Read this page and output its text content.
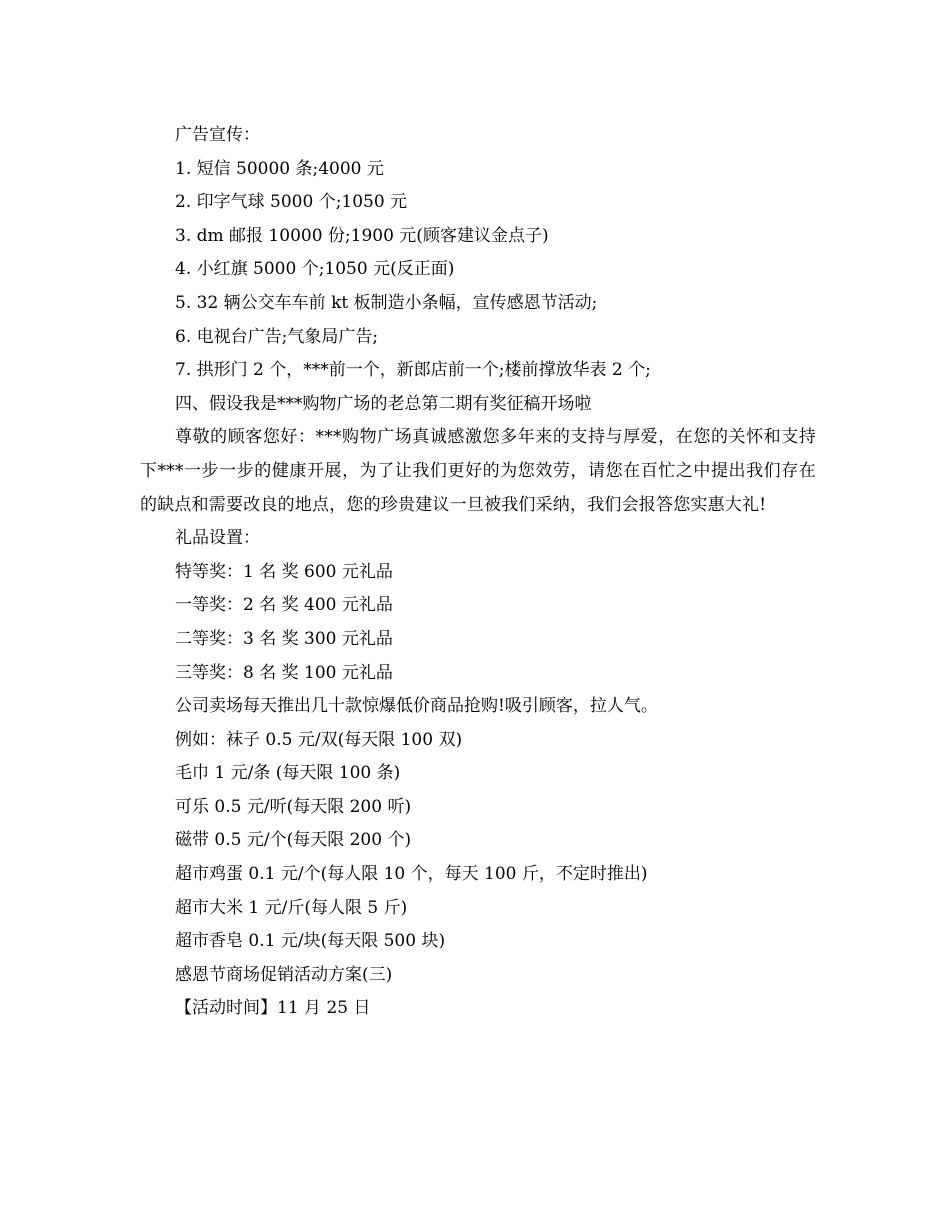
广告宣传：
1. 短信 50000 条;4000 元
2. 印字气球 5000 个;1050 元
3. dm 邮报 10000 份;1900 元(顾客建议金点子)
4. 小红旗 5000 个;1050 元(反正面)
5. 32 辆公交车车前 kt 板制造小条幅，宣传感恩节活动;
6. 电视台广告;气象局广告;
7. 拱形门 2 个，***前一个，新郎店前一个;楼前撑放华表 2 个;
四、假设我是***购物广场的老总第二期有奖征稿开场啦
尊敬的顾客您好：***购物广场真诚感激您多年来的支持与厚爱，在您的关怀和支持下***一步一步的健康开展，为了让我们更好的为您效劳，请您在百忙之中提出我们存在的缺点和需要改良的地点，您的珍贵建议一旦被我们采纳，我们会报答您实惠大礼!
礼品设置：
特等奖：1 名 奖 600 元礼品
一等奖：2 名 奖 400 元礼品
二等奖：3 名 奖 300 元礼品
三等奖：8 名 奖 100 元礼品
公司卖场每天推出几十款惊爆低价商品抢购!吸引顾客，拉人气。
例如：袜子 0.5 元/双(每天限 100 双)
毛巾 1 元/条 (每天限 100 条)
可乐 0.5 元/听(每天限 200 听)
磁带 0.5 元/个(每天限 200 个)
超市鸡蛋 0.1 元/个(每人限 10 个，每天 100 斤，不定时推出)
超市大米 1 元/斤(每人限 5 斤)
超市香皂 0.1 元/块(每天限 500 块)
感恩节商场促销活动方案(三)
【活动时间】11 月 25 日
